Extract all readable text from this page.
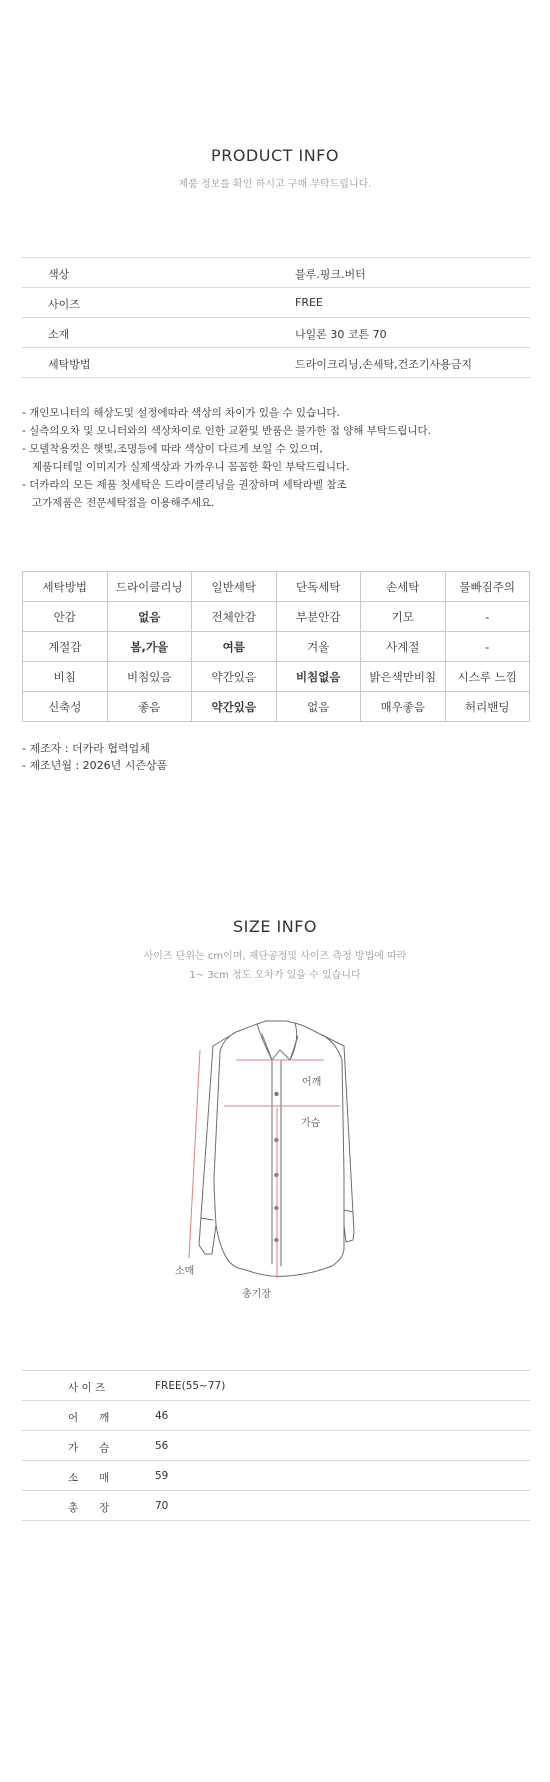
PRODUCT INFO
제품 정보를 확인 하시고 구매 부탁드립니다.
색상	블루.핑크.버터
사이즈	FREE
소재	나일론 30 코튼 70
세탁방법	드라이크리닝,손세탁,건조기사용금지
- 개인모니터의 해상도및 설정에따라 색상의 차이가 있을 수 있습니다.
- 실측의오차 및 모니터와의 색상차이로 인한 교환및 반품은 불가한 점 양해 부탁드립니다.
- 모델착용컷은 햇빛,조명등에 따라 색상이 다르게 보일 수 있으며,
제품디테일 이미지가 실제색상과 가까우니 꼼꼼한 확인 부탁드립니다.
- 더카라의 모든 제품 첫세탁은 드라이클리닝을 권장하며 세탁라벨 참조
고가제품은 전문세탁점을 이용해주세요.
세탁방법	드라이클리닝	일반세탁	단독세탁	손세탁	물빠짐주의
안감	없음	전체안감	부분안감	기모	-
계절감	봄,가을	여름	겨울	사계절	-
비침	비침있음	약간있음	비침없음	밝은색만비침	시스루 느낌
신축성	좋음	약간있음	없음	매우좋음	허리밴딩
- 제조자 : 더카라 협력업체
- 제조년월 : 2026년 시즌상품
SIZE INFO
사이즈 단위는 cm이며, 재단공정및 사이즈 측정 방법에 따라
1~ 3cm 정도 오차가 있을 수 있습니다
어깨
가슴
소매
총기장
사 이 즈	FREE(55~77)
어　　깨	46
가　　슴	56
소　　매	59
총　　장	70
